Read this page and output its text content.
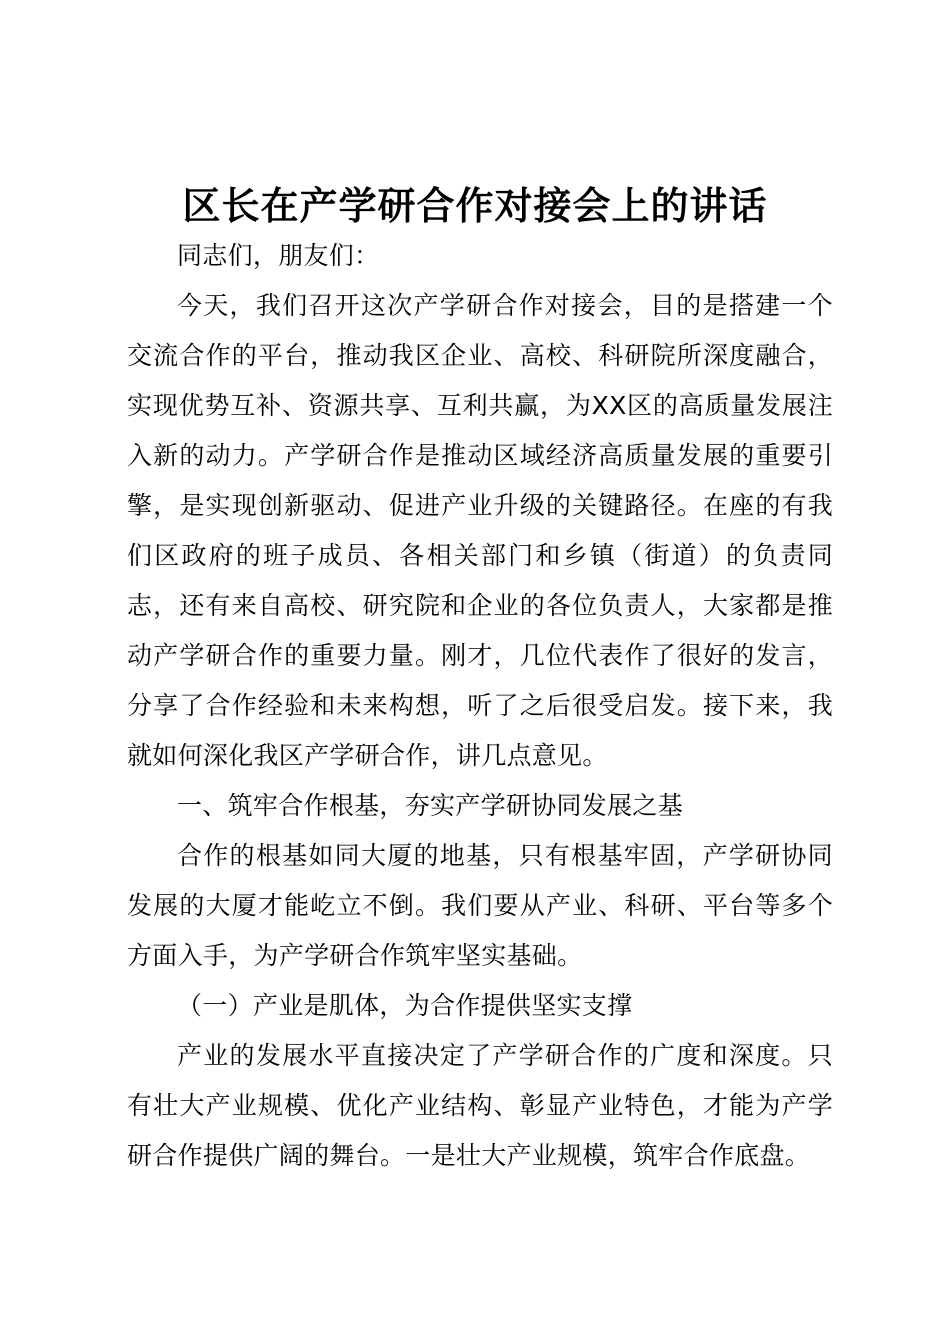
区长在产学研合作对接会上的讲话

同志们，朋友们：

今天，我们召开这次产学研合作对接会，目的是搭建一个交流合作的平台，推动我区企业、高校、科研院所深度融合，实现优势互补、资源共享、互利共赢，为XX区的高质量发展注入新的动力。产学研合作是推动区域经济高质量发展的重要引擎，是实现创新驱动、促进产业升级的关键路径。在座的有我们区政府的班子成员、各相关部门和乡镇（街道）的负责同志，还有来自高校、研究院和企业的各位负责人，大家都是推动产学研合作的重要力量。刚才，几位代表作了很好的发言，分享了合作经验和未来构想，听了之后很受启发。接下来，我就如何深化我区产学研合作，讲几点意见。

一、筑牢合作根基，夯实产学研协同发展之基

合作的根基如同大厦的地基，只有根基牢固，产学研协同发展的大厦才能屹立不倒。我们要从产业、科研、平台等多个方面入手，为产学研合作筑牢坚实基础。

（一）产业是肌体，为合作提供坚实支撑

产业的发展水平直接决定了产学研合作的广度和深度。只有壮大产业规模、优化产业结构、彰显产业特色，才能为产学研合作提供广阔的舞台。一是壮大产业规模，筑牢合作底盘。
